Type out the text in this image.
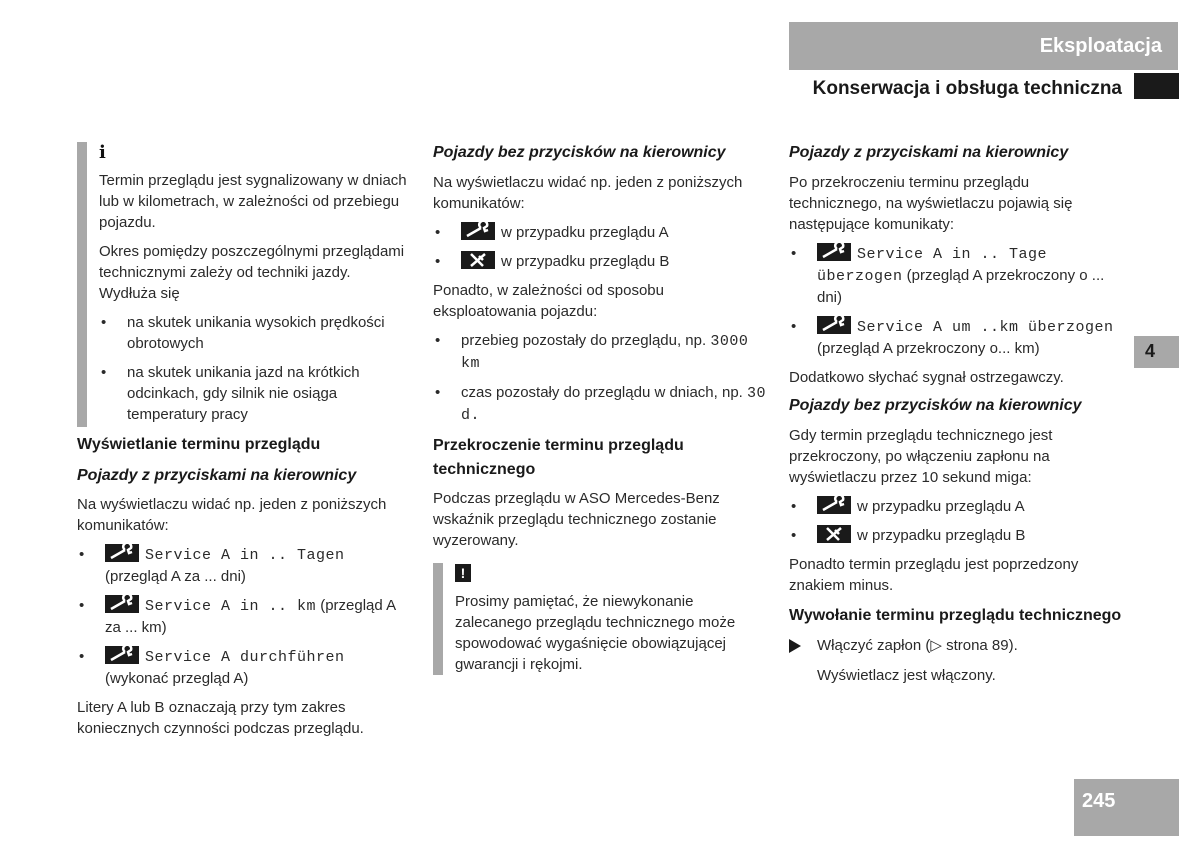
Eksploatacja
Konserwacja i obsługa techniczna
4
245
i

Termin przeglądu jest sygnalizowany w dniach lub w kilometrach, w zależności od przebiegu pojazdu.

Okres pomiędzy poszczególnymi przeglądami technicznymi zależy od techniki jazdy. Wydłuża się

• na skutek unikania wysokich prędkości obrotowych
• na skutek unikania jazd na krótkich odcinkach, gdy silnik nie osiąga temperatury pracy

Wyświetlanie terminu przeglądu

Pojazdy z przyciskami na kierownicy

Na wyświetlaczu widać np. jeden z poniższych komunikatów:

•	Service A in .. Tagen (przegląd A za ... dni)
•	Service A in .. km (przegląd A za ... km)
•	Service A durchführen (wykonać przegląd A)

Litery A lub B oznaczają przy tym zakres koniecznych czynności podczas przeglądu.

Pojazdy bez przycisków na kierownicy

Na wyświetlaczu widać np. jeden z poniższych komunikatów:

•	w przypadku przeglądu A
•	w przypadku przeglądu B

Ponadto, w zależności od sposobu eksploatowania pojazdu:

• przebieg pozostały do przeglądu, np. 3000 km
• czas pozostały do przeglądu w dniach, np. 30 d.

Przekroczenie terminu przeglądu technicznego

Podczas przeglądu w ASO Mercedes-Benz wskaźnik przeglądu technicznego zostanie wyzerowany.

!

Prosimy pamiętać, że niewykonanie zalecanego przeglądu technicznego może spowodować wygaśnięcie obowiązującej gwarancji i rękojmi.

Pojazdy z przyciskami na kierownicy

Po przekroczeniu terminu przeglądu technicznego, na wyświetlaczu pojawią się następujące komunikaty:

•	Service A in .. Tage überzogen (przegląd A przekroczony o ... dni)
•	Service A um ..km überzogen (przegląd A przekroczony o... km)

Dodatkowo słychać sygnał ostrzegawczy.

Pojazdy bez przycisków na kierownicy

Gdy termin przeglądu technicznego jest przekroczony, po włączeniu zapłonu na wyświetlaczu przez 10 sekund miga:

•	w przypadku przeglądu A
•	w przypadku przeglądu B

Ponadto termin przeglądu jest poprzedzony znakiem minus.

Wywołanie terminu przeglądu technicznego

Włączyć zapłon (▷ strona 89).

Wyświetlacz jest włączony.
